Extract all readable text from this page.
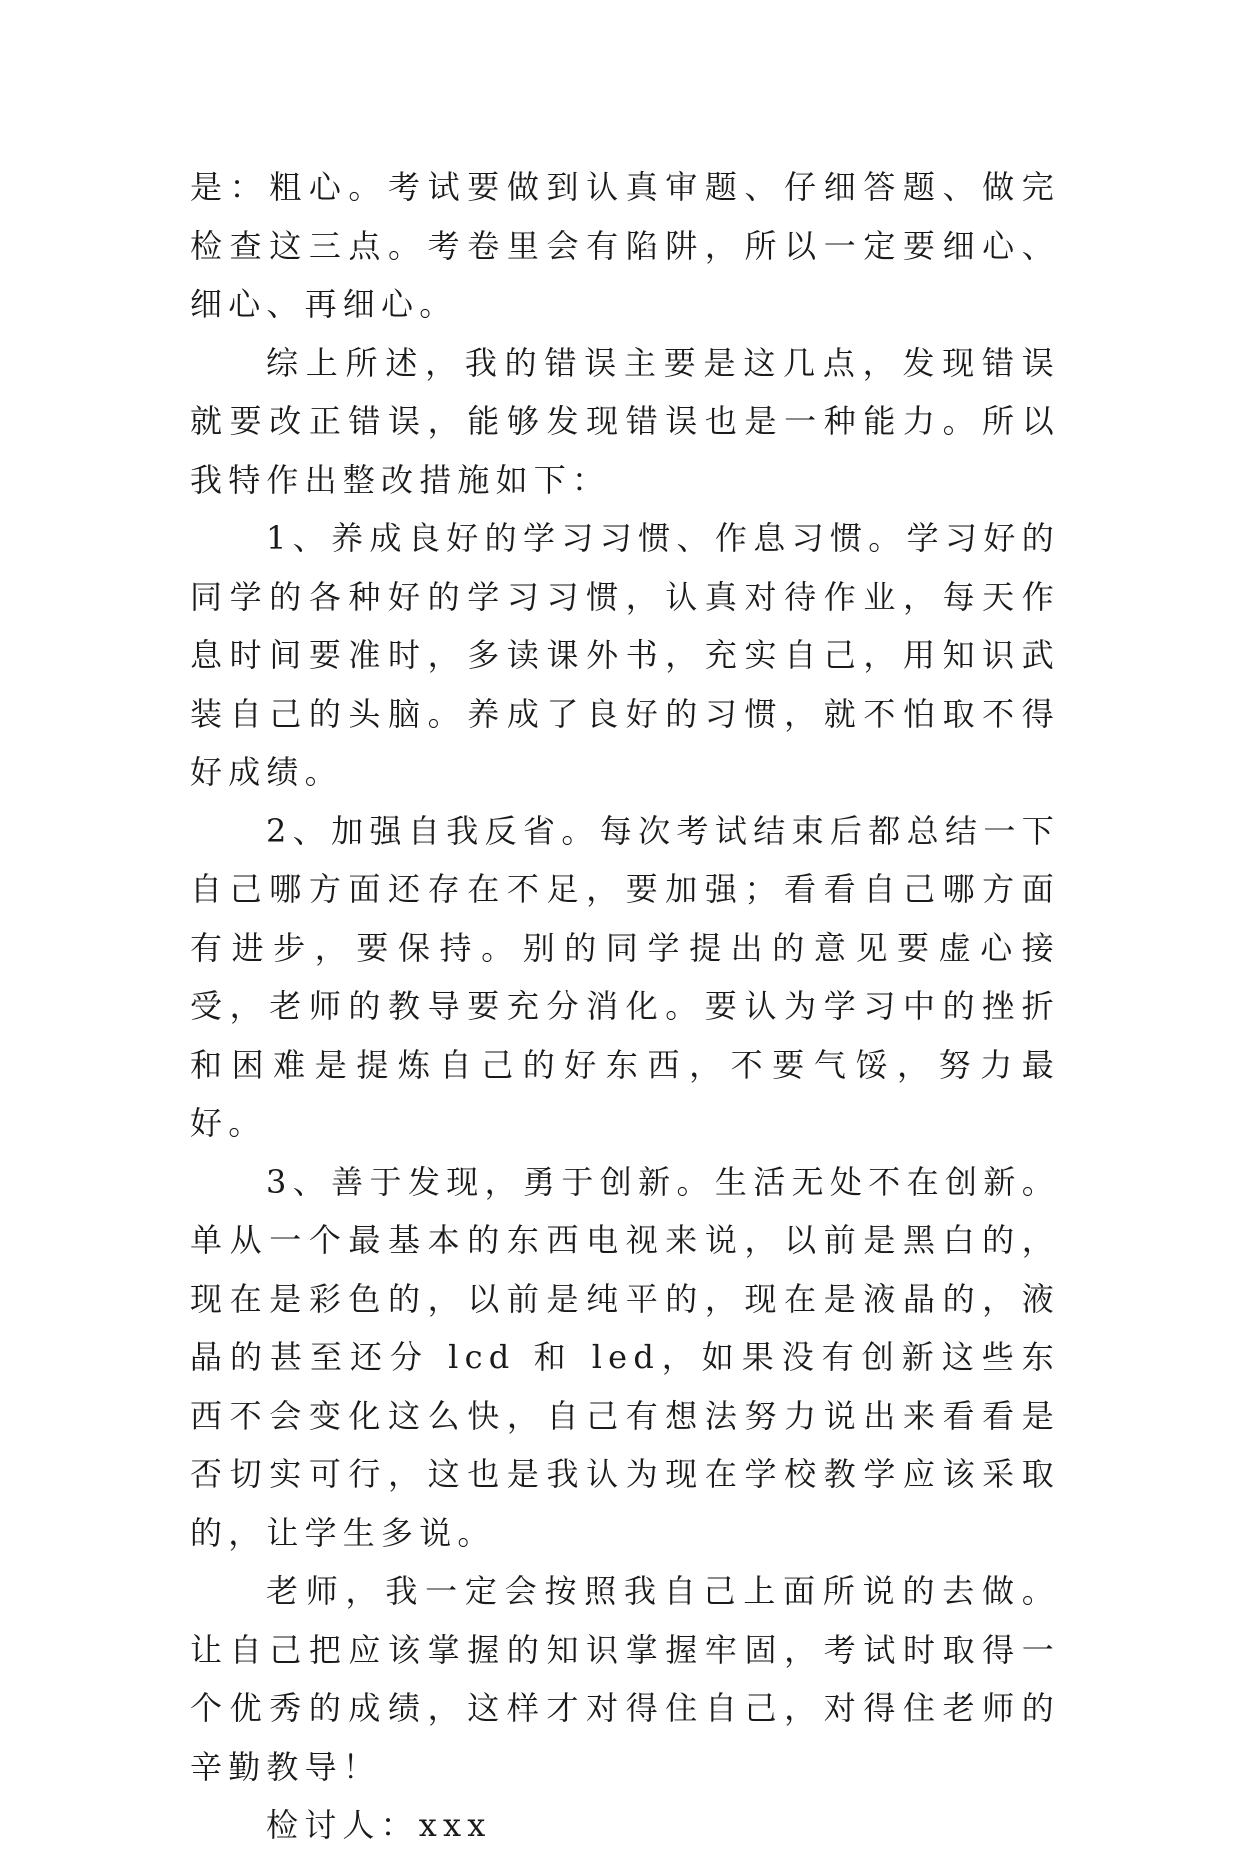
是：粗心。考试要做到认真审题、仔细答题、做完检查这三点。考卷里会有陷阱，所以一定要细心、细心、再细心。

综上所述，我的错误主要是这几点，发现错误就要改正错误，能够发现错误也是一种能力。所以我特作出整改措施如下：

1、养成良好的学习习惯、作息习惯。学习好的同学的各种好的学习习惯，认真对待作业，每天作息时间要准时，多读课外书，充实自己，用知识武装自己的头脑。养成了良好的习惯，就不怕取不得好成绩。

2、加强自我反省。每次考试结束后都总结一下自己哪方面还存在不足，要加强；看看自己哪方面有进步，要保持。别的同学提出的意见要虚心接受，老师的教导要充分消化。要认为学习中的挫折和困难是提炼自己的好东西，不要气馁，努力最好。

3、善于发现，勇于创新。生活无处不在创新。单从一个最基本的东西电视来说，以前是黑白的，现在是彩色的，以前是纯平的，现在是液晶的，液晶的甚至还分 lcd 和 led，如果没有创新这些东西不会变化这么快，自己有想法努力说出来看看是否切实可行，这也是我认为现在学校教学应该采取的，让学生多说。

老师，我一定会按照我自己上面所说的去做。让自己把应该掌握的知识掌握牢固，考试时取得一个优秀的成绩，这样才对得住自己，对得住老师的辛勤教导！

检讨人：xxx
